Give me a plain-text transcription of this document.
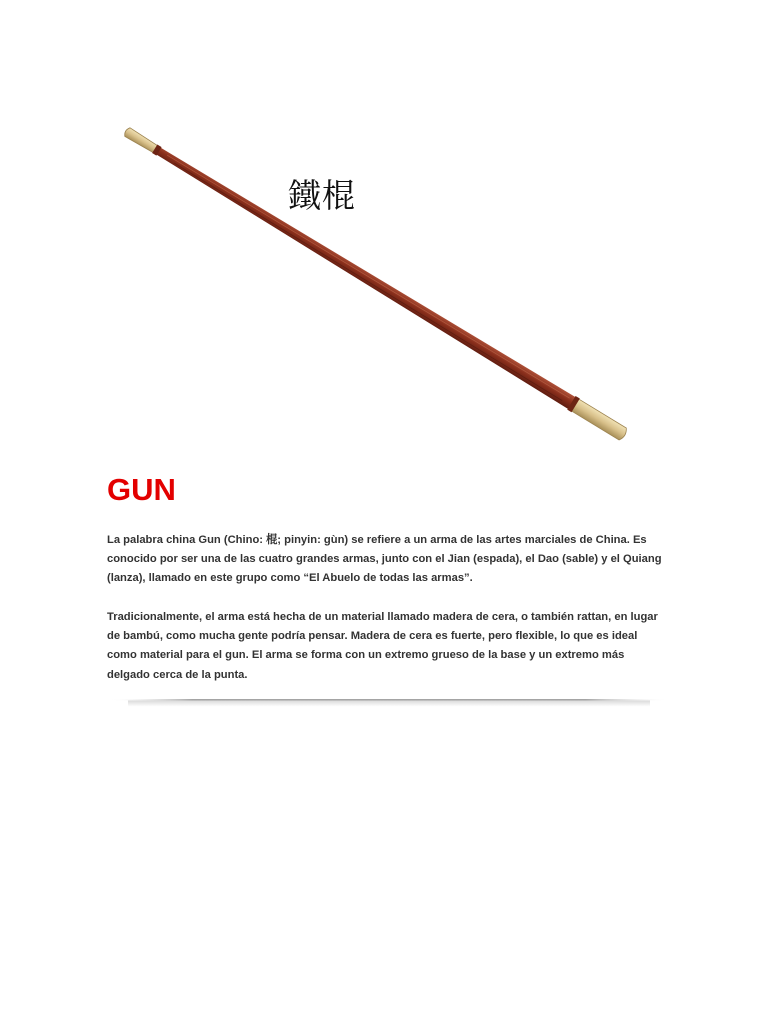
鐵棍
GUN

La palabra china Gun (Chino: 棍; pinyin: gùn) se refiere a un arma de las artes marciales de China. Es conocido por ser una de las cuatro grandes armas, junto con el Jian (espada), el Dao (sable) y el Quiang (lanza), llamado en este grupo como “El Abuelo de todas las armas”.

Tradicionalmente, el arma está hecha de un material llamado madera de cera, o también rattan, en lugar de bambú, como mucha gente podría pensar. Madera de cera es fuerte, pero flexible, lo que es ideal como material para el gun. El arma se forma con un extremo grueso de la base y un extremo más delgado cerca de la punta.
